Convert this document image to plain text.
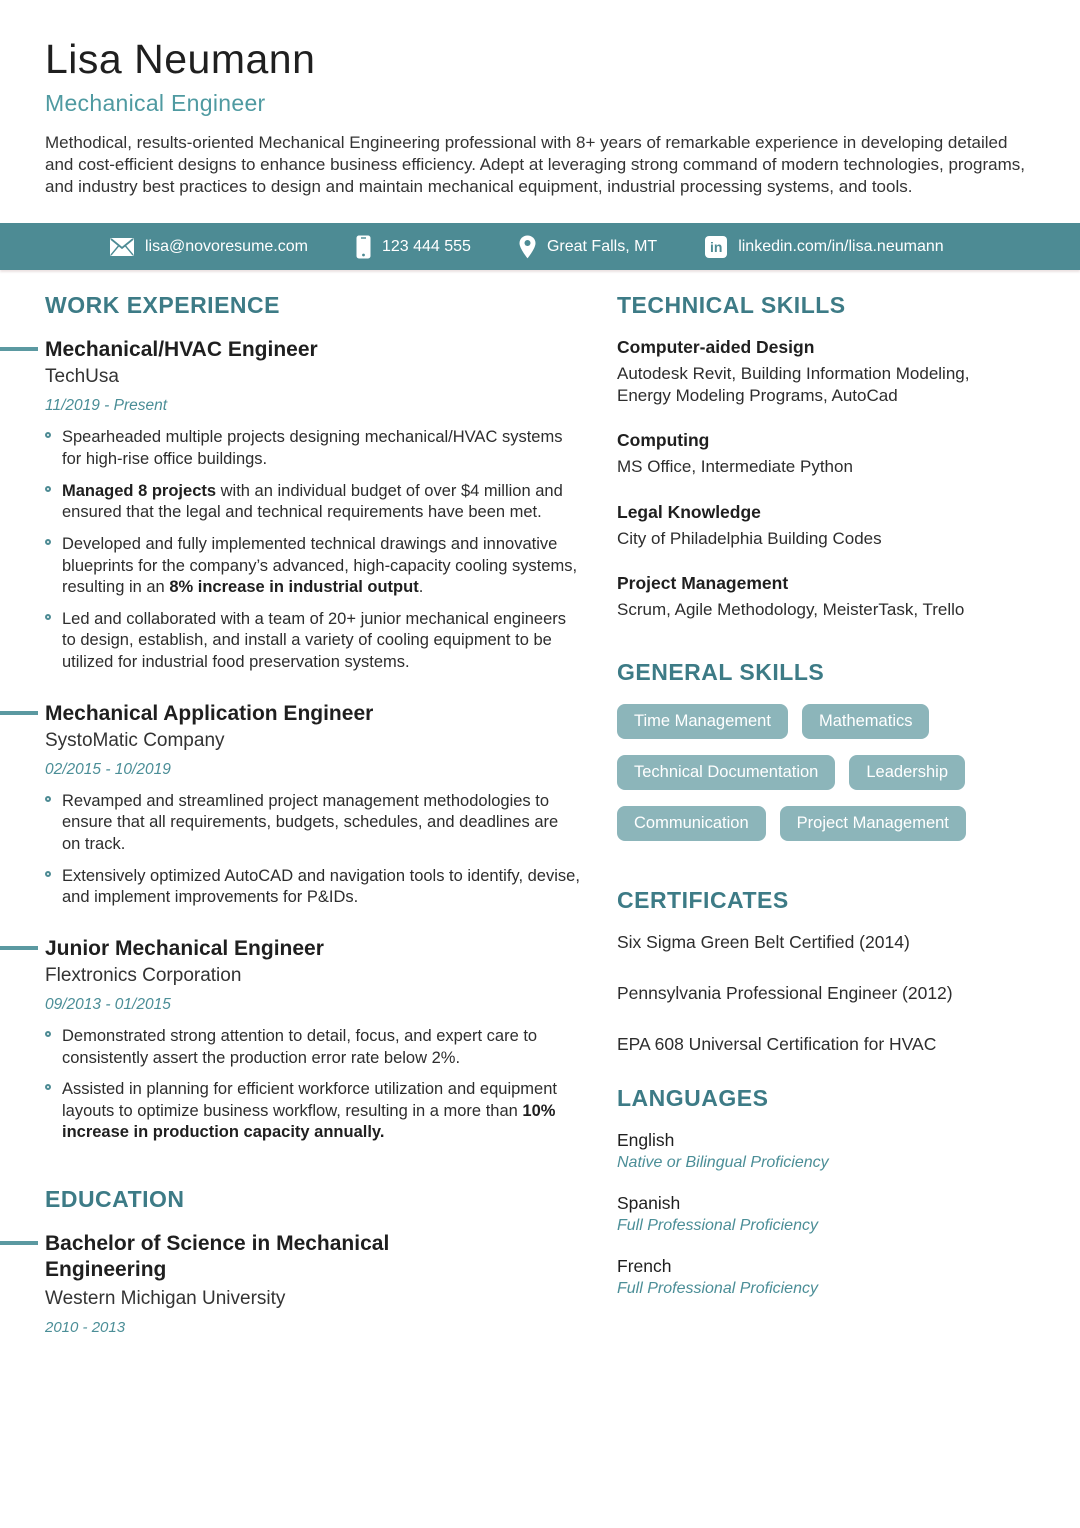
Lisa Neumann
Mechanical Engineer

Methodical, results-oriented Mechanical Engineering professional with 8+ years of remarkable experience in developing detailed and cost-efficient designs to enhance business efficiency. Adept at leveraging strong command of modern technologies, programs, and industry best practices to design and maintain mechanical equipment, industrial processing systems, and tools.

lisa@novoresume.com	123 444 555	Great Falls, MT	in linkedin.com/in/lisa.neumann
WORK EXPERIENCE
Mechanical/HVAC Engineer
TechUsa
11/2019 - Present
Spearheaded multiple projects designing mechanical/HVAC systems for high-rise office buildings.
Managed 8 projects with an individual budget of over $4 million and ensured that the legal and technical requirements have been met.
Developed and fully implemented technical drawings and innovative blueprints for the company’s advanced, high-capacity cooling systems, resulting in an 8% increase in industrial output.
Led and collaborated with a team of 20+ junior mechanical engineers to design, establish, and install a variety of cooling equipment to be utilized for industrial food preservation systems.
Mechanical Application Engineer
SystoMatic Company
02/2015 - 10/2019
Revamped and streamlined project management methodologies to ensure that all requirements, budgets, schedules, and deadlines are on track.
Extensively optimized AutoCAD and navigation tools to identify, devise, and implement improvements for P&IDs.
Junior Mechanical Engineer
Flextronics Corporation
09/2013 - 01/2015
Demonstrated strong attention to detail, focus, and expert care to consistently assert the production error rate below 2%.
Assisted in planning for efficient workforce utilization and equipment layouts to optimize business workflow, resulting in a more than 10% increase in production capacity annually.
EDUCATION
Bachelor of Science in Mechanical Engineering
Western Michigan University
2010 - 2013
TECHNICAL SKILLS
Computer-aided Design
Autodesk Revit, Building Information Modeling, Energy Modeling Programs, AutoCad
Computing
MS Office, Intermediate Python
Legal Knowledge
City of Philadelphia Building Codes
Project Management
Scrum, Agile Methodology, MeisterTask, Trello
GENERAL SKILLS
Time Management	Mathematics
Technical Documentation	Leadership
Communication	Project Management
CERTIFICATES
Six Sigma Green Belt Certified (2014)
Pennsylvania Professional Engineer (2012)
EPA 608 Universal Certification for HVAC
LANGUAGES
English
Native or Bilingual Proficiency
Spanish
Full Professional Proficiency
French
Full Professional Proficiency
